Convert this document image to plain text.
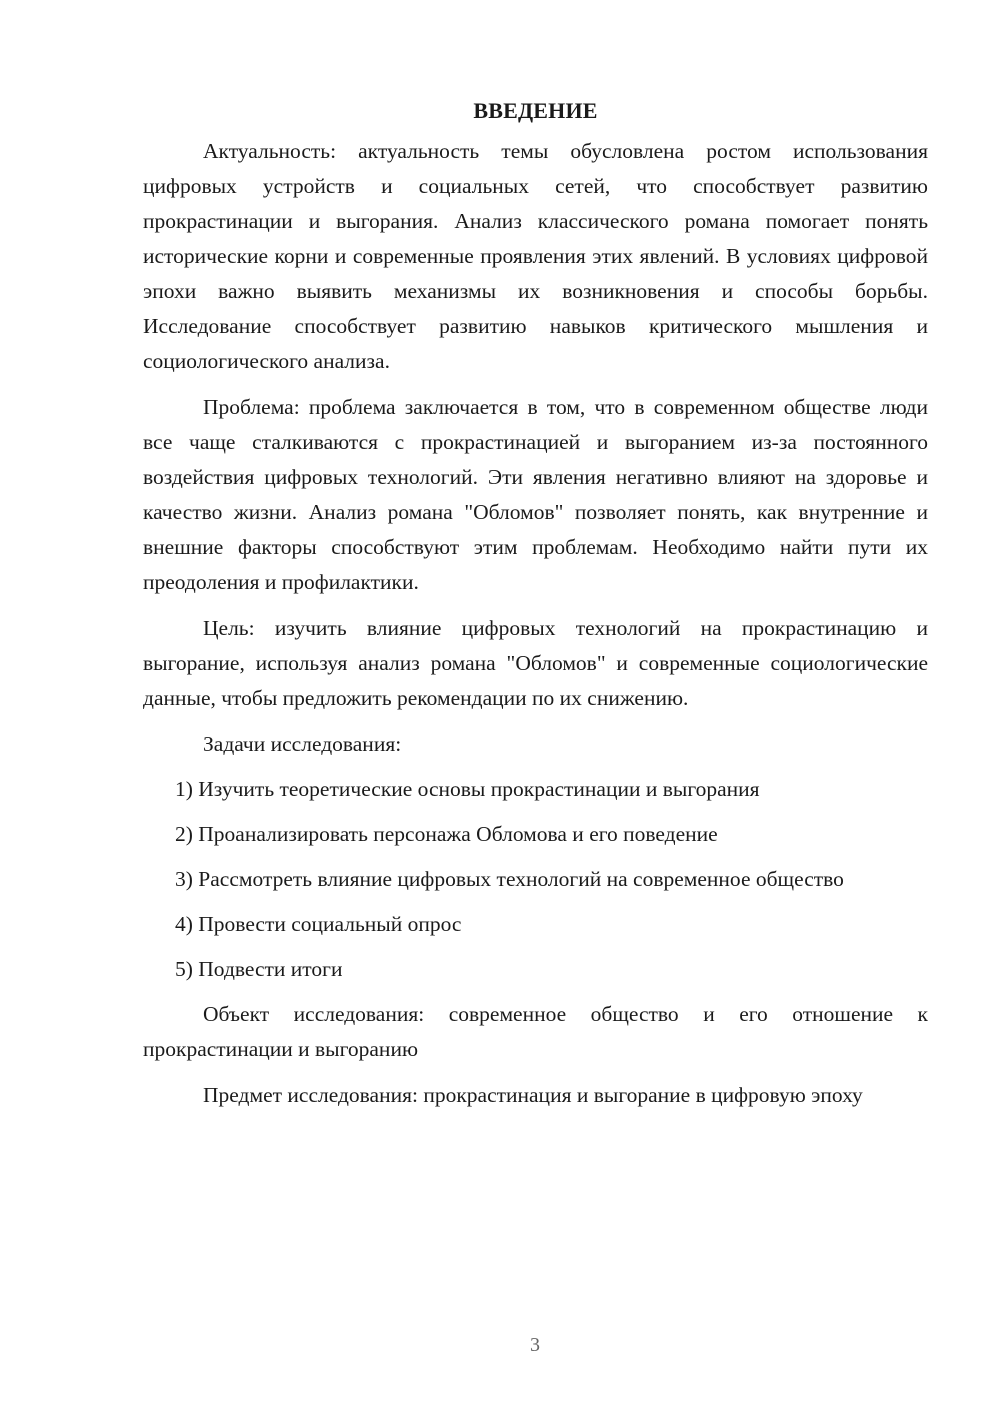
ВВЕДЕНИЕ

Актуальность: актуальность темы обусловлена ростом использования цифровых устройств и социальных сетей, что способствует развитию прокрастинации и выгорания. Анализ классического романа помогает понять исторические корни и современные проявления этих явлений. В условиях цифровой эпохи важно выявить механизмы их возникновения и способы борьбы. Исследование способствует развитию навыков критического мышления и социологического анализа.

Проблема: проблема заключается в том, что в современном обществе люди все чаще сталкиваются с прокрастинацией и выгоранием из-за постоянного воздействия цифровых технологий. Эти явления негативно влияют на здоровье и качество жизни. Анализ романа "Обломов" позволяет понять, как внутренние и внешние факторы способствуют этим проблемам. Необходимо найти пути их преодоления и профилактики.

Цель: изучить влияние цифровых технологий на прокрастинацию и выгорание, используя анализ романа "Обломов" и современные социологические данные, чтобы предложить рекомендации по их снижению.

Задачи исследования:

1) Изучить теоретические основы прокрастинации и выгорания

2) Проанализировать персонажа Обломова и его поведение

3) Рассмотреть влияние цифровых технологий на современное общество

4) Провести социальный опрос

5) Подвести итоги

Объект исследования: современное общество и его отношение к прокрастинации и выгоранию

Предмет исследования: прокрастинация и выгорание в цифровую эпоху

3
